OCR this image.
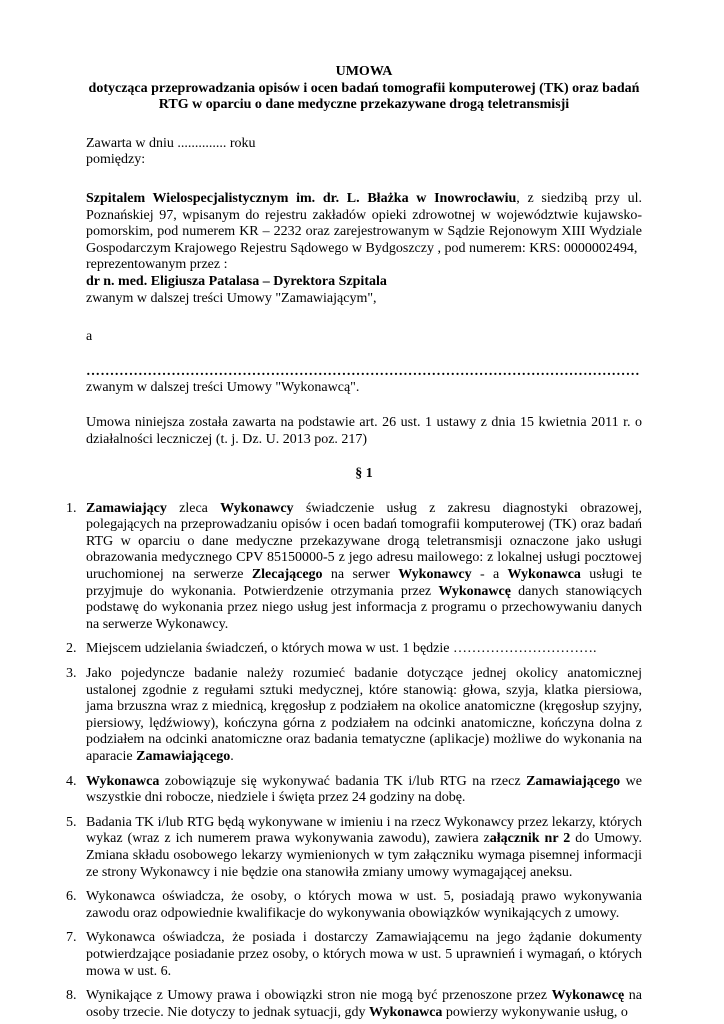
UMOWA
dotycząca przeprowadzania opisów i ocen badań tomografii komputerowej (TK) oraz badań
RTG w oparciu o dane medyczne przekazywane drogą teletransmisji

Zawarta w dniu .............. roku

pomiędzy:

Szpitalem Wielospecjalistycznym im. dr. L. Błażka w Inowrocławiu, z siedzibą przy ul. Poznańskiej 97, wpisanym do rejestru zakładów opieki zdrowotnej w województwie kujawsko-pomorskim, pod numerem KR – 2232 oraz zarejestrowanym w Sądzie Rejonowym XIII Wydziale Gospodarczym Krajowego Rejestru Sądowego w Bydgoszczy , pod numerem: KRS: 0000002494,

reprezentowanym przez :

dr n. med. Eligiusza Patalasa – Dyrektora Szpitala

zwanym w dalszej treści Umowy "Zamawiającym",

a

………………………………………………………………………………………………………

zwanym w dalszej treści Umowy "Wykonawcą".

Umowa niniejsza została zawarta na podstawie art. 26 ust. 1 ustawy z dnia 15 kwietnia 2011 r. o działalności leczniczej (t. j. Dz. U. 2013 poz. 217)

§ 1

1. Zamawiający zleca Wykonawcy świadczenie usług z zakresu diagnostyki obrazowej, polegających na przeprowadzaniu opisów i ocen badań tomografii komputerowej (TK) oraz badań RTG w oparciu o dane medyczne przekazywane drogą teletransmisji oznaczone jako usługi obrazowania medycznego CPV 85150000-5 z jego adresu mailowego: z lokalnej usługi pocztowej uruchomionej na serwerze Zlecającego na serwer Wykonawcy - a Wykonawca usługi te przyjmuje do wykonania. Potwierdzenie otrzymania przez Wykonawcę danych stanowiących podstawę do wykonania przez niego usług jest informacja z programu o przechowywaniu danych na serwerze Wykonawcy.
2. Miejscem udzielania świadczeń, o których mowa w ust. 1 będzie ………………………….
3. Jako pojedyncze badanie należy rozumieć badanie dotyczące jednej okolicy anatomicznej ustalonej zgodnie z regułami sztuki medycznej, które stanowią: głowa, szyja, klatka piersiowa, jama brzuszna wraz z miednicą, kręgosłup z podziałem na okolice anatomiczne (kręgosłup szyjny, piersiowy, lędźwiowy), kończyna górna z podziałem na odcinki anatomiczne, kończyna dolna z podziałem na odcinki anatomiczne oraz badania tematyczne (aplikacje) możliwe do wykonania na aparacie Zamawiającego.
4. Wykonawca zobowiązuje się wykonywać badania TK i/lub RTG na rzecz Zamawiającego we wszystkie dni robocze, niedziele i święta przez 24 godziny na dobę.
5. Badania TK i/lub RTG będą wykonywane w imieniu i na rzecz Wykonawcy przez lekarzy, których wykaz (wraz z ich numerem prawa wykonywania zawodu), zawiera załącznik nr 2 do Umowy. Zmiana składu osobowego lekarzy wymienionych w tym załączniku wymaga pisemnej informacji ze strony Wykonawcy i nie będzie ona stanowiła zmiany umowy wymagającej aneksu.
6. Wykonawca oświadcza, że osoby, o których mowa w ust. 5, posiadają prawo wykonywania zawodu oraz odpowiednie kwalifikacje do wykonywania obowiązków wynikających z umowy.
7. Wykonawca oświadcza, że posiada i dostarczy Zamawiającemu na jego żądanie dokumenty potwierdzające posiadanie przez osoby, o których mowa w ust. 5 uprawnień i wymagań, o których mowa w ust. 6.
8. Wynikające z Umowy prawa i obowiązki stron nie mogą być przenoszone przez Wykonawcę na osoby trzecie. Nie dotyczy to jednak sytuacji, gdy Wykonawca powierzy wykonywanie usług, o
